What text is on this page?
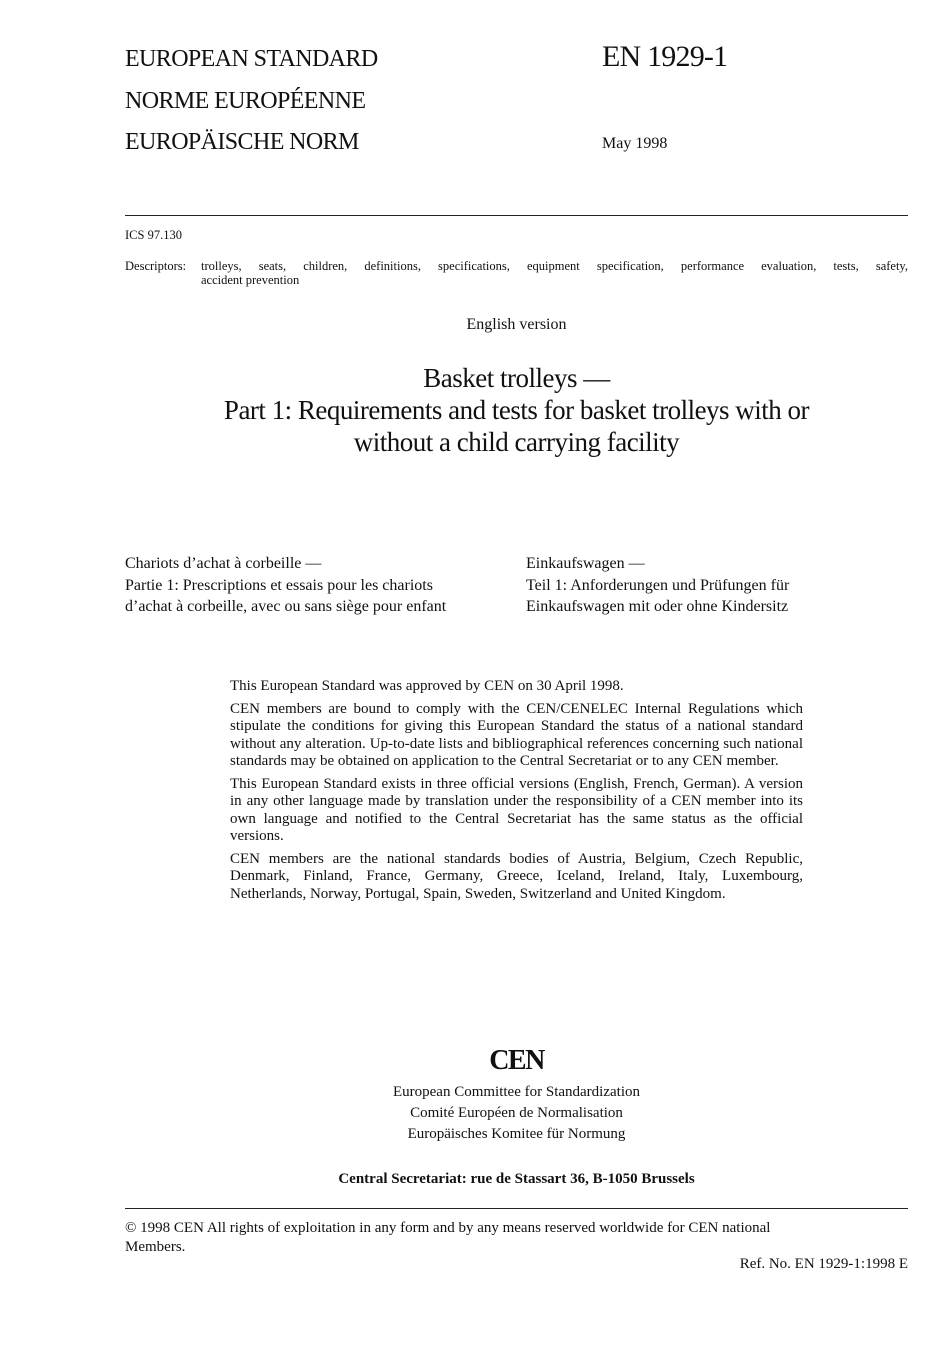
EUROPEAN STANDARD
NORME EUROPÉENNE
EUROPÄISCHE NORM
EN 1929-1
May 1998
ICS 97.130
Descriptors: trolleys, seats, children, definitions, specifications, equipment specification, performance evaluation, tests, safety,
accident prevention
English version
Basket trolleys —
Part 1: Requirements and tests for basket trolleys with or
without a child carrying facility
Chariots d’achat à corbeille —
Partie 1: Prescriptions et essais pour les chariots
d’achat à corbeille, avec ou sans siège pour enfant
Einkaufswagen —
Teil 1: Anforderungen und Prüfungen für
Einkaufswagen mit oder ohne Kindersitz

This European Standard was approved by CEN on 30 April 1998.

CEN members are bound to comply with the CEN/CENELEC Internal Regulations which stipulate the conditions for giving this European Standard the status of a national standard without any alteration. Up-to-date lists and bibliographical references concerning such national standards may be obtained on application to the Central Secretariat or to any CEN member.

This European Standard exists in three official versions (English, French, German). A version in any other language made by translation under the responsibility of a CEN member into its own language and notified to the Central Secretariat has the same status as the official versions.

CEN members are the national standards bodies of Austria, Belgium, Czech Republic, Denmark, Finland, France, Germany, Greece, Iceland, Ireland, Italy, Luxembourg, Netherlands, Norway, Portugal, Spain, Sweden, Switzerland and United Kingdom.

CEN
European Committee for Standardization
Comité Européen de Normalisation
Europäisches Komitee für Normung
Central Secretariat: rue de Stassart 36, B-1050 Brussels
© 1998 CEN All rights of exploitation in any form and by any means reserved worldwide for CEN national
Members.
Ref. No. EN 1929-1:1998 E
